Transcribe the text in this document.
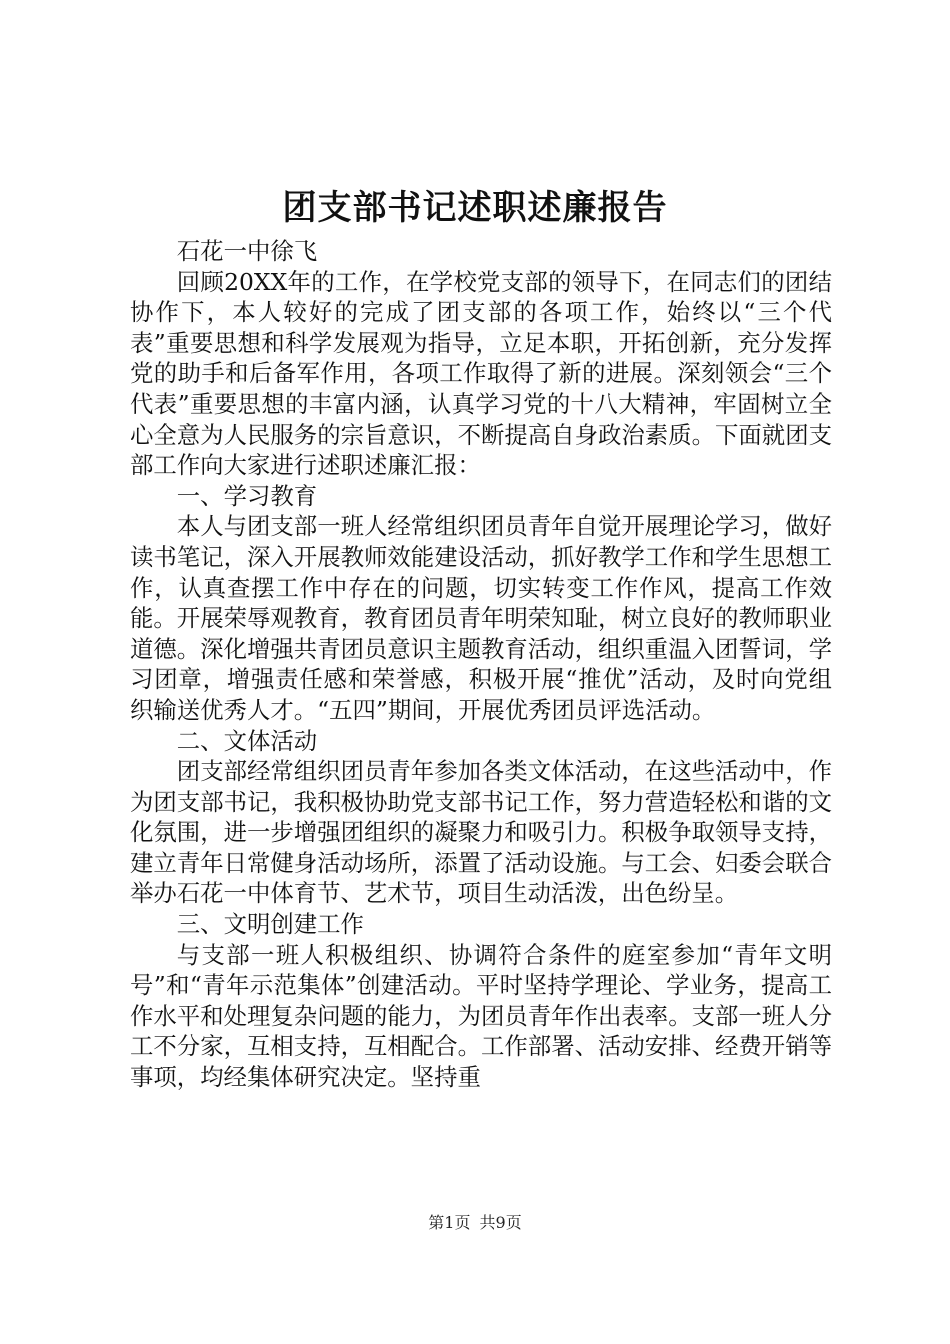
团支部书记述职述廉报告

石花一中徐飞

回顾20XX年的工作，在学校党支部的领导下，在同志们的团结协作下，本人较好的完成了团支部的各项工作，始终以“三个代表”重要思想和科学发展观为指导，立足本职，开拓创新，充分发挥党的助手和后备军作用，各项工作取得了新的进展。深刻领会“三个代表”重要思想的丰富内涵，认真学习党的十八大精神，牢固树立全心全意为人民服务的宗旨意识，不断提高自身政治素质。下面就团支部工作向大家进行述职述廉汇报：

一、学习教育

本人与团支部一班人经常组织团员青年自觉开展理论学习，做好读书笔记，深入开展教师效能建设活动，抓好教学工作和学生思想工作，认真查摆工作中存在的问题，切实转变工作作风，提高工作效能。开展荣辱观教育，教育团员青年明荣知耻，树立良好的教师职业道德。深化增强共青团员意识主题教育活动，组织重温入团誓词，学习团章，增强责任感和荣誉感，积极开展“推优”活动，及时向党组织输送优秀人才。“五四”期间，开展优秀团员评选活动。

二、文体活动

团支部经常组织团员青年参加各类文体活动，在这些活动中，作为团支部书记，我积极协助党支部书记工作，努力营造轻松和谐的文化氛围，进一步增强团组织的凝聚力和吸引力。积极争取领导支持，建立青年日常健身活动场所，添置了活动设施。与工会、妇委会联合举办石花一中体育节、艺术节，项目生动活泼，出色纷呈。

三、文明创建工作

与支部一班人积极组织、协调符合条件的庭室参加“青年文明号”和“青年示范集体”创建活动。平时坚持学理论、学业务，提高工作水平和处理复杂问题的能力，为团员青年作出表率。支部一班人分工不分家，互相支持，互相配合。工作部署、活动安排、经费开销等事项，均经集体研究决定。坚持重

第1页 共9页
